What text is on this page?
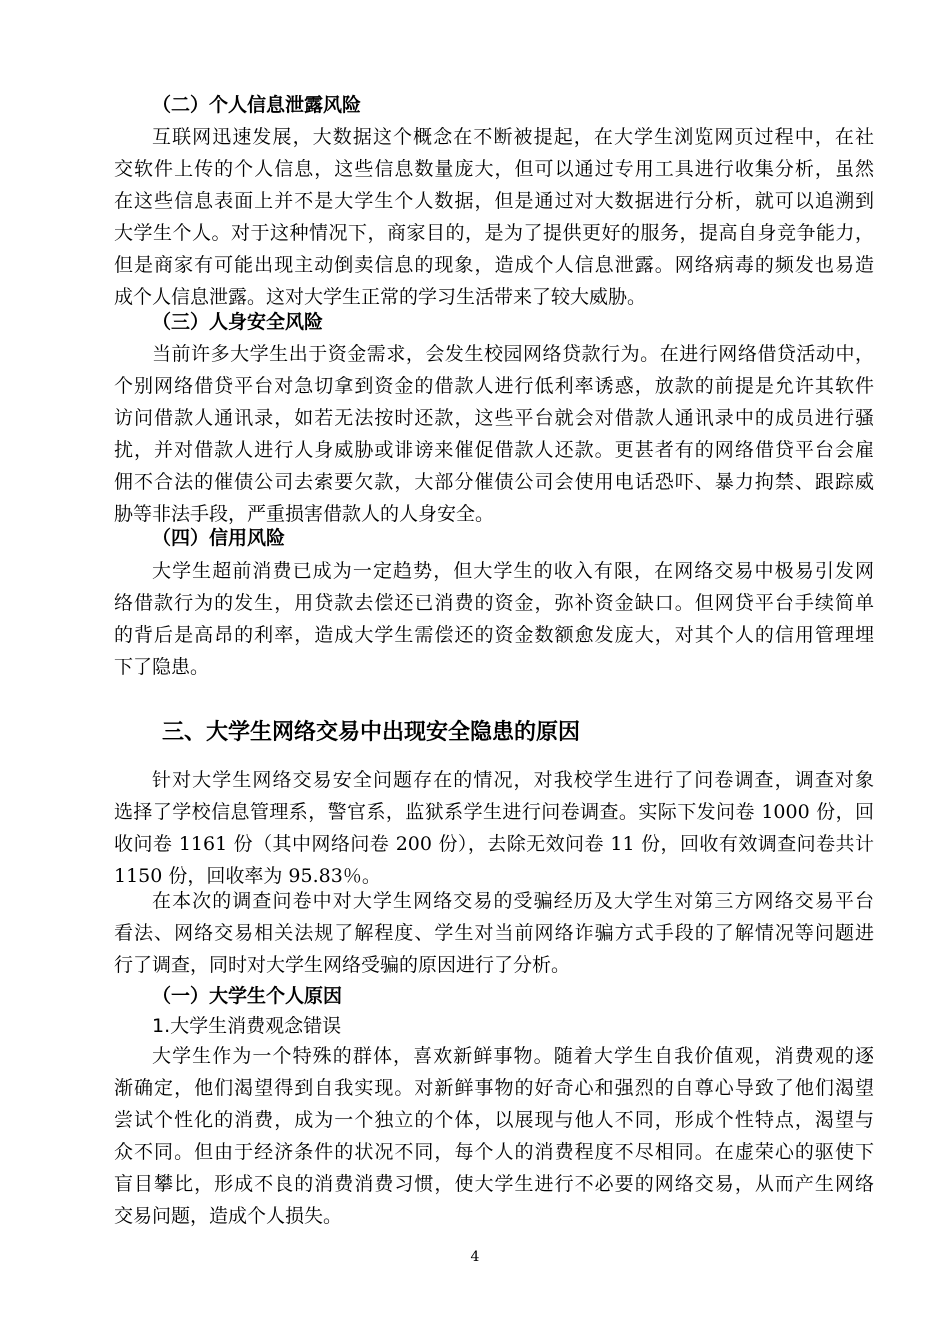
（二）个人信息泄露风险
互联网迅速发展，大数据这个概念在不断被提起，在大学生浏览网页过程中，在社
交软件上传的个人信息，这些信息数量庞大，但可以通过专用工具进行收集分析，虽然
在这些信息表面上并不是大学生个人数据，但是通过对大数据进行分析，就可以追溯到
大学生个人。对于这种情况下，商家目的，是为了提供更好的服务，提高自身竞争能力，
但是商家有可能出现主动倒卖信息的现象，造成个人信息泄露。网络病毒的频发也易造
成个人信息泄露。这对大学生正常的学习生活带来了较大威胁。
（三）人身安全风险
当前许多大学生出于资金需求，会发生校园网络贷款行为。在进行网络借贷活动中，
个别网络借贷平台对急切拿到资金的借款人进行低利率诱惑，放款的前提是允许其软件
访问借款人通讯录，如若无法按时还款，这些平台就会对借款人通讯录中的成员进行骚
扰，并对借款人进行人身威胁或诽谤来催促借款人还款。更甚者有的网络借贷平台会雇
佣不合法的催债公司去索要欠款，大部分催债公司会使用电话恐吓、暴力拘禁、跟踪威
胁等非法手段，严重损害借款人的人身安全。
（四）信用风险
大学生超前消费已成为一定趋势，但大学生的收入有限，在网络交易中极易引发网
络借款行为的发生，用贷款去偿还已消费的资金，弥补资金缺口。但网贷平台手续简单
的背后是高昂的利率，造成大学生需偿还的资金数额愈发庞大，对其个人的信用管理埋
下了隐患。
三、大学生网络交易中出现安全隐患的原因
针对大学生网络交易安全问题存在的情况，对我校学生进行了问卷调查，调查对象
选择了学校信息管理系，警官系，监狱系学生进行问卷调查。实际下发问卷 1000 份，回
收问卷 1161 份（其中网络问卷 200 份），去除无效问卷 11 份，回收有效调查问卷共计
1150 份，回收率为 95.83％。
在本次的调查问卷中对大学生网络交易的受骗经历及大学生对第三方网络交易平台
看法、网络交易相关法规了解程度、学生对当前网络诈骗方式手段的了解情况等问题进
行了调查，同时对大学生网络受骗的原因进行了分析。
（一）大学生个人原因
1.大学生消费观念错误
大学生作为一个特殊的群体，喜欢新鲜事物。随着大学生自我价值观，消费观的逐
渐确定，他们渴望得到自我实现。对新鲜事物的好奇心和强烈的自尊心导致了他们渴望
尝试个性化的消费，成为一个独立的个体，以展现与他人不同，形成个性特点，渴望与
众不同。但由于经济条件的状况不同，每个人的消费程度不尽相同。在虚荣心的驱使下
盲目攀比，形成不良的消费消费习惯，使大学生进行不必要的网络交易，从而产生网络
交易问题，造成个人损失。
4
